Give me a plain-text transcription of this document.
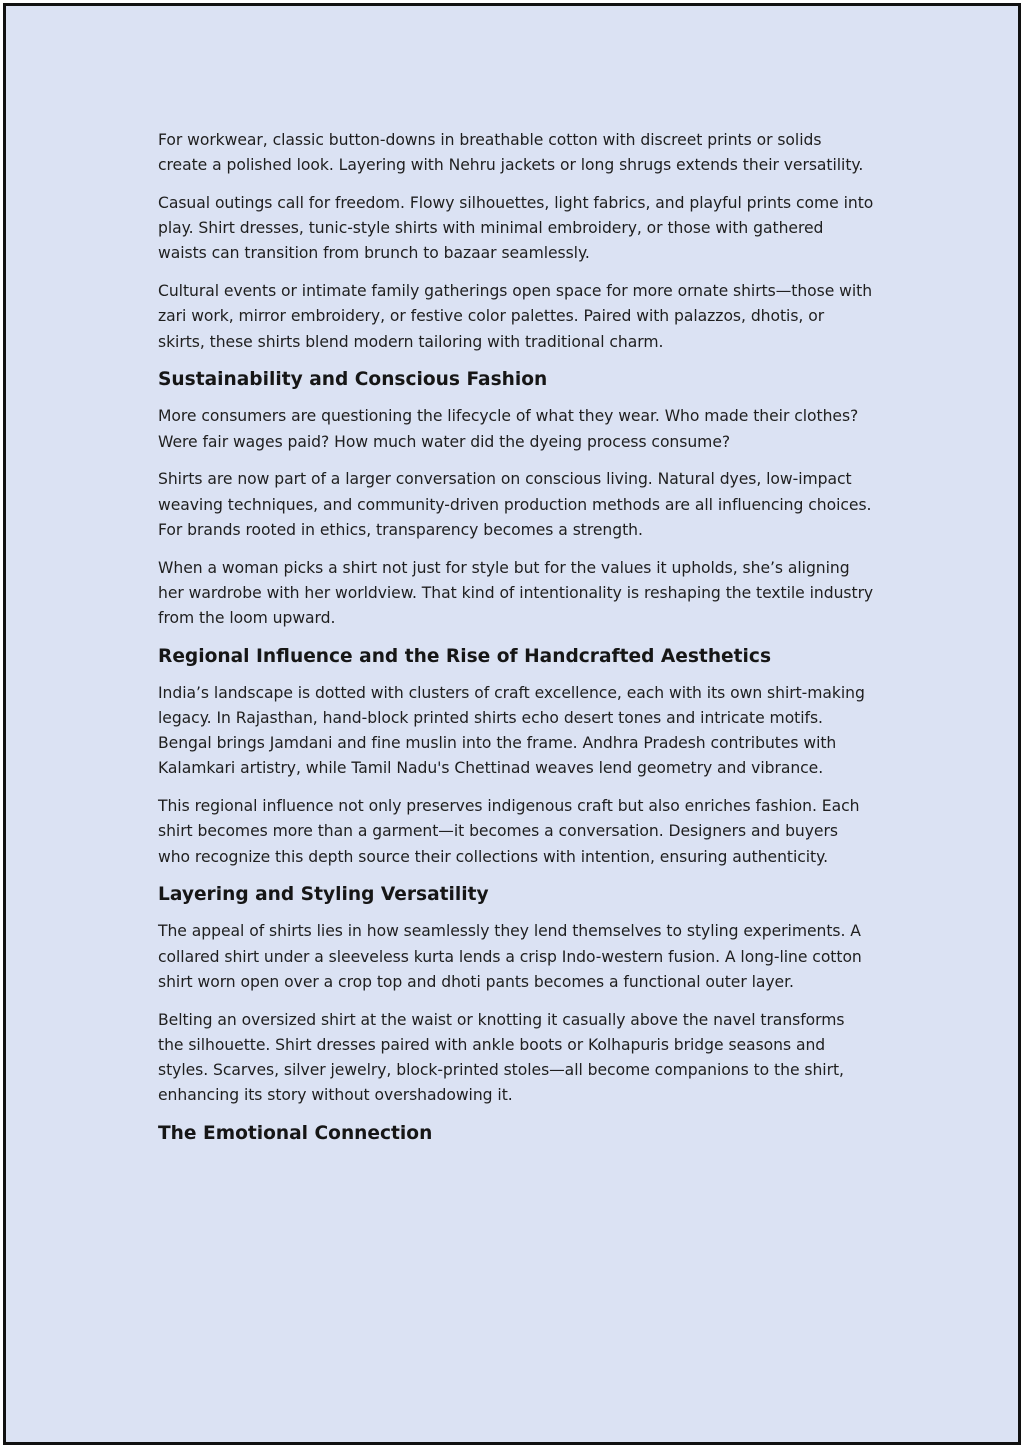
For workwear, classic button-downs in breathable cotton with discreet prints or solids create a polished look. Layering with Nehru jackets or long shrugs extends their versatility.

Casual outings call for freedom. Flowy silhouettes, light fabrics, and playful prints come into play. Shirt dresses, tunic-style shirts with minimal embroidery, or those with gathered waists can transition from brunch to bazaar seamlessly.

Cultural events or intimate family gatherings open space for more ornate shirts—those with zari work, mirror embroidery, or festive color palettes. Paired with palazzos, dhotis, or skirts, these shirts blend modern tailoring with traditional charm.

Sustainability and Conscious Fashion

More consumers are questioning the lifecycle of what they wear. Who made their clothes? Were fair wages paid? How much water did the dyeing process consume?

Shirts are now part of a larger conversation on conscious living. Natural dyes, low-impact weaving techniques, and community-driven production methods are all influencing choices. For brands rooted in ethics, transparency becomes a strength.

When a woman picks a shirt not just for style but for the values it upholds, she’s aligning her wardrobe with her worldview. That kind of intentionality is reshaping the textile industry from the loom upward.

Regional Influence and the Rise of Handcrafted Aesthetics

India’s landscape is dotted with clusters of craft excellence, each with its own shirt-making legacy. In Rajasthan, hand-block printed shirts echo desert tones and intricate motifs. Bengal brings Jamdani and fine muslin into the frame. Andhra Pradesh contributes with Kalamkari artistry, while Tamil Nadu's Chettinad weaves lend geometry and vibrance.

This regional influence not only preserves indigenous craft but also enriches fashion. Each shirt becomes more than a garment—it becomes a conversation. Designers and buyers who recognize this depth source their collections with intention, ensuring authenticity.

Layering and Styling Versatility

The appeal of shirts lies in how seamlessly they lend themselves to styling experiments. A collared shirt under a sleeveless kurta lends a crisp Indo-western fusion. A long-line cotton shirt worn open over a crop top and dhoti pants becomes a functional outer layer.

Belting an oversized shirt at the waist or knotting it casually above the navel transforms the silhouette. Shirt dresses paired with ankle boots or Kolhapuris bridge seasons and styles. Scarves, silver jewelry, block-printed stoles—all become companions to the shirt, enhancing its story without overshadowing it.

The Emotional Connection
